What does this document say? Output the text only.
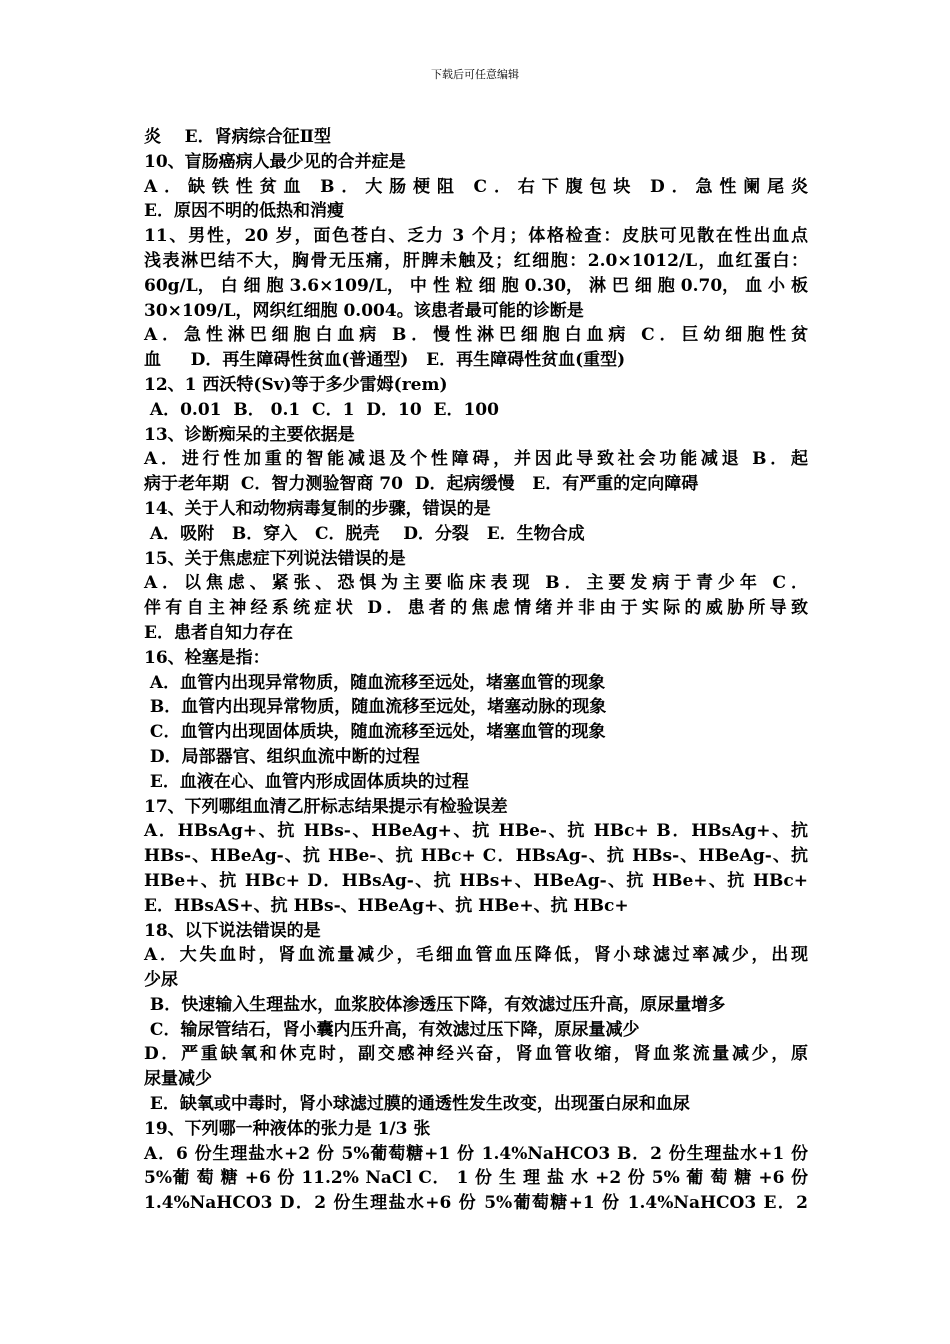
下载后可任意编辑
炎    E．肾病综合征Ⅱ型
10、盲肠癌病人最少见的合并症是
A．缺铁性贫血 B．大肠梗阻 C．右下腹包块 D．急性阑尾炎
E．原因不明的低热和消瘦
11、男性，20 岁，面色苍白、乏力 3 个月；体格检查：皮肤可见散在性出血点
浅表淋巴结不大，胸骨无压痛，肝脾未触及；红细胞：2.0×1012/L，血红蛋白：
60g/L， 白 细 胞 3.6×109/L， 中 性 粒 细 胞 0.30， 淋 巴 细 胞 0.70， 血 小 板
30×109/L，网织红细胞 0.004。该患者最可能的诊断是
A．急性淋巴细胞白血病 B．慢性淋巴细胞白血病 C．巨幼细胞性贫
血     D．再生障碍性贫血(普通型)   E．再生障碍性贫血(重型)
12、1 西沃特(Sv)等于多少雷姆(rem)
A．0.01  B． 0.1  C．1  D．10  E．100
13、诊断痴呆的主要依据是
A．进行性加重的智能减退及个性障碍，并因此导致社会功能减退 B．起
病于老年期  C．智力测验智商 70  D．起病缓慢   E．有严重的定向障碍
14、关于人和动物病毒复制的步骤，错误的是
A．吸附   B．穿入   C．脱壳    D．分裂   E．生物合成
15、关于焦虑症下列说法错误的是
A．以焦虑、紧张、恐惧为主要临床表现 B．主要发病于青少年 C．
伴有自主神经系统症状 D．患者的焦虑情绪并非由于实际的威胁所导致
E．患者自知力存在
16、栓塞是指：
A．血管内出现异常物质，随血流移至远处，堵塞血管的现象
B．血管内出现异常物质，随血流移至远处，堵塞动脉的现象
C．血管内出现固体质块，随血流移至远处，堵塞血管的现象
D．局部器官、组织血流中断的过程
E．血液在心、血管内形成固体质块的过程
17、下列哪组血清乙肝标志结果提示有检验误差
A．HBsAg+、抗 HBs-、HBeAg+、抗 HBe-、抗 HBc+ B．HBsAg+、抗
HBs-、HBeAg-、抗 HBe-、抗 HBc+ C．HBsAg-、抗 HBs-、HBeAg-、抗
HBe+、抗 HBc+ D．HBsAg-、抗 HBs+、HBeAg-、抗 HBe+、抗 HBc+
E．HBsAS+、抗 HBs-、HBeAg+、抗 HBe+、抗 HBc+
18、以下说法错误的是
A．大失血时，肾血流量减少，毛细血管血压降低，肾小球滤过率减少，出现
少尿
B．快速输入生理盐水，血浆胶体渗透压下降，有效滤过压升高，原尿量增多
C．输尿管结石，肾小囊内压升高，有效滤过压下降，原尿量减少
D．严重缺氧和休克时，副交感神经兴奋，肾血管收缩，肾血浆流量减少，原
尿量减少
E．缺氧或中毒时，肾小球滤过膜的通透性发生改变，出现蛋白尿和血尿
19、下列哪一种液体的张力是 1/3 张
A．6 份生理盐水+2 份 5%葡萄糖+1 份 1.4%NaHCO3 B．2 份生理盐水+1 份
5%葡 萄 糖 +6 份 11.2% NaCl C． 1 份 生 理 盐 水 +2 份 5% 葡 萄 糖 +6 份
1.4%NaHCO3 D．2 份生理盐水+6 份 5%葡萄糖+1 份 1.4%NaHCO3 E．2
